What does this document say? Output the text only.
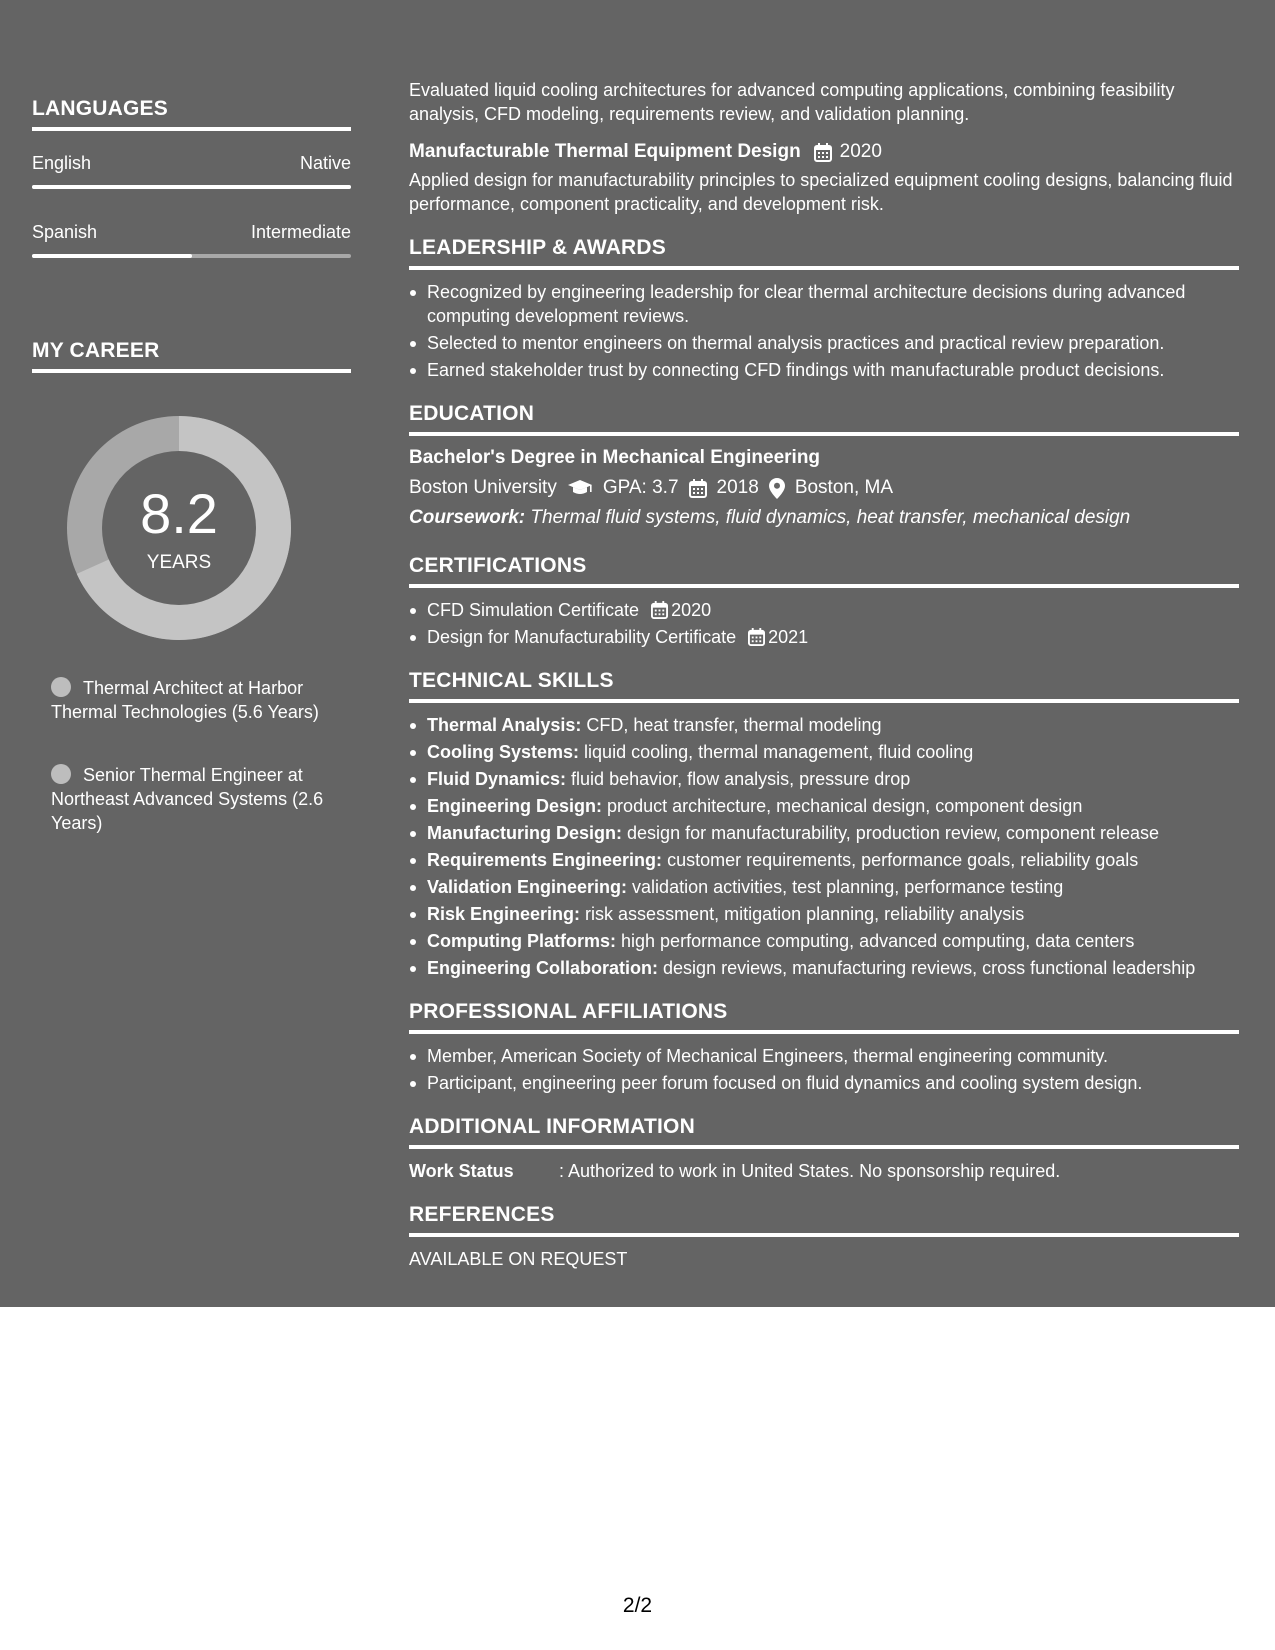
LANGUAGES
English	Native
Spanish	Intermediate
MY CAREER
8.2
YEARS
Thermal Architect at Harbor Thermal Technologies (5.6 Years)
Senior Thermal Engineer at Northeast Advanced Systems (2.6 Years)

Evaluated liquid cooling architectures for advanced computing applications, combining feasibility analysis, CFD modeling, requirements review, and validation planning.

Manufacturable Thermal Equipment Design 2020

Applied design for manufacturability principles to specialized equipment cooling designs, balancing fluid performance, component practicality, and development risk.

LEADERSHIP & AWARDS
Recognized by engineering leadership for clear thermal architecture decisions during advanced computing development reviews.
Selected to mentor engineers on thermal analysis practices and practical review preparation.
Earned stakeholder trust by connecting CFD findings with manufacturable product decisions.
EDUCATION
Bachelor's Degree in Mechanical Engineering
Boston University GPA: 3.7 2018 Boston, MA
Coursework: Thermal fluid systems, fluid dynamics, heat transfer, mechanical design
CERTIFICATIONS
CFD Simulation Certificate 2020
Design for Manufacturability Certificate 2021
TECHNICAL SKILLS
Thermal Analysis: CFD, heat transfer, thermal modeling
Cooling Systems: liquid cooling, thermal management, fluid cooling
Fluid Dynamics: fluid behavior, flow analysis, pressure drop
Engineering Design: product architecture, mechanical design, component design
Manufacturing Design: design for manufacturability, production review, component release
Requirements Engineering: customer requirements, performance goals, reliability goals
Validation Engineering: validation activities, test planning, performance testing
Risk Engineering: risk assessment, mitigation planning, reliability analysis
Computing Platforms: high performance computing, advanced computing, data centers
Engineering Collaboration: design reviews, manufacturing reviews, cross functional leadership
PROFESSIONAL AFFILIATIONS
Member, American Society of Mechanical Engineers, thermal engineering community.
Participant, engineering peer forum focused on fluid dynamics and cooling system design.
ADDITIONAL INFORMATION
Work Status	: Authorized to work in United States. No sponsorship required.
REFERENCES
AVAILABLE ON REQUEST
2/2
